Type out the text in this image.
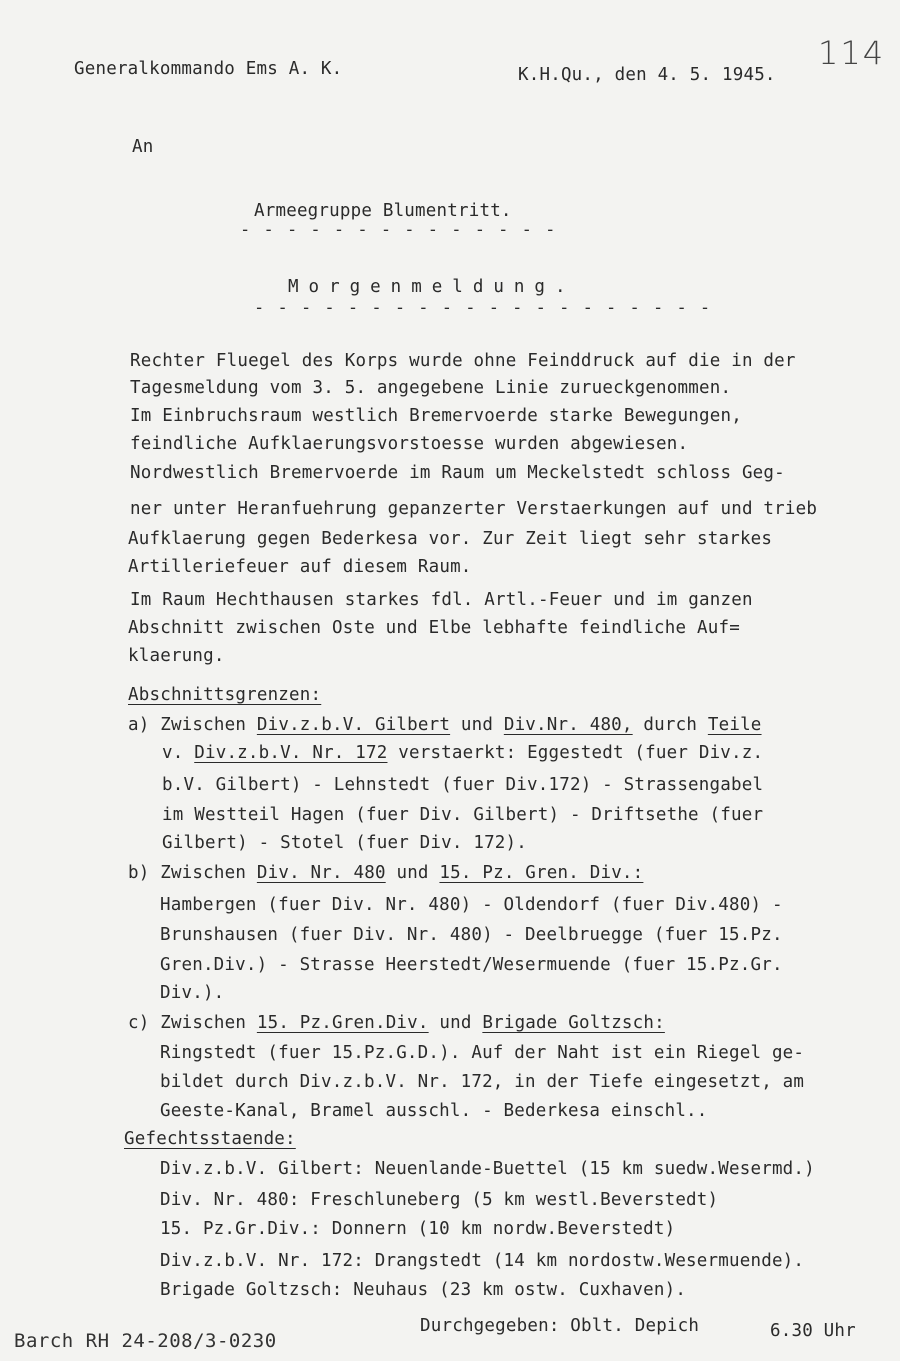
114
Generalkommando Ems A. K.	K.H.Qu., den 4. 5. 1945.
An
Armeegruppe Blumentritt.
- - - - - - - - - - - - - -
Morgenmeldung.
- - - - - - - - - - - - - - - - - - - -
Rechter Fluegel des Korps wurde ohne Feinddruck auf die in der
Tagesmeldung vom 3. 5. angegebene Linie zurueckgenommen.
Im Einbruchsraum westlich Bremervoerde starke Bewegungen,
feindliche Aufklaerungsvorstoesse wurden abgewiesen.
Nordwestlich Bremervoerde im Raum um Meckelstedt schloss Geg-
ner unter Heranfuehrung gepanzerter Verstaerkungen auf und trieb
Aufklaerung gegen Bederkesa vor. Zur Zeit liegt sehr starkes
Artilleriefeuer auf diesem Raum.
Im Raum Hechthausen starkes fdl. Artl.-Feuer und im ganzen
Abschnitt zwischen Oste und Elbe lebhafte feindliche Auf=
klaerung.
Abschnittsgrenzen:
a) Zwischen Div.z.b.V. Gilbert und Div.Nr. 480, durch Teile
v. Div.z.b.V. Nr. 172 verstaerkt: Eggestedt (fuer Div.z.
b.V. Gilbert) - Lehnstedt (fuer Div.172) - Strassengabel
im Westteil Hagen (fuer Div. Gilbert) - Driftsethe (fuer
Gilbert) - Stotel (fuer Div. 172).
b) Zwischen Div. Nr. 480 und 15. Pz. Gren. Div.:
Hambergen (fuer Div. Nr. 480) - Oldendorf (fuer Div.480) -
Brunshausen (fuer Div. Nr. 480) - Deelbruegge (fuer 15.Pz.
Gren.Div.) - Strasse Heerstedt/Wesermuende (fuer 15.Pz.Gr.
Div.).
c) Zwischen 15. Pz.Gren.Div. und Brigade Goltzsch:
Ringstedt (fuer 15.Pz.G.D.). Auf der Naht ist ein Riegel ge-
bildet durch Div.z.b.V. Nr. 172, in der Tiefe eingesetzt, am
Geeste-Kanal, Bramel ausschl. - Bederkesa einschl..
Gefechtsstaende:
Div.z.b.V. Gilbert: Neuenlande-Buettel (15 km suedw.Wesermd.)
Div. Nr. 480: Freschluneberg (5 km westl.Beverstedt)
15. Pz.Gr.Div.: Donnern (10 km nordw.Beverstedt)
Div.z.b.V. Nr. 172: Drangstedt (14 km nordostw.Wesermuende).
Brigade Goltzsch: Neuhaus (23 km ostw. Cuxhaven).
Durchgegeben: Oblt. Depich	6.30 Uhr
Barch RH 24-208/3-0230
